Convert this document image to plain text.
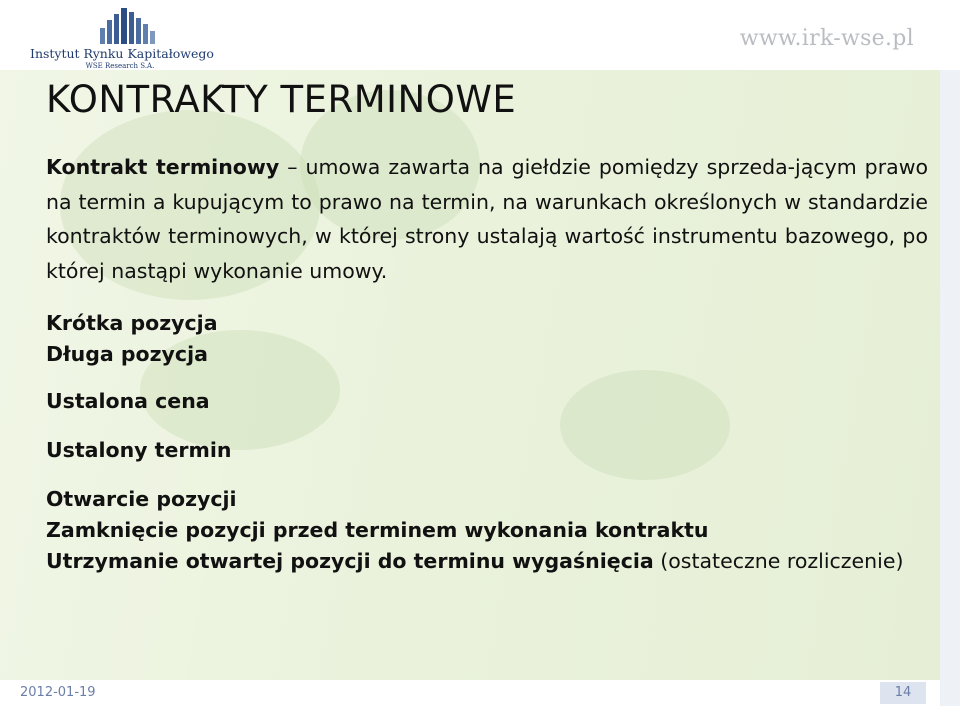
Instytut Rynku Kapitałowego
WSE Research S.A.
www.irk-wse.pl
KONTRAKTY TERMINOWE

Kontrakt terminowy – umowa zawarta na giełdzie pomiędzy sprzeda-jącym prawo na termin a kupującym to prawo na termin, na warunkach określonych w standardzie kontraktów terminowych, w której strony ustalają wartość instrumentu bazowego, po której nastąpi wykonanie umowy.

Krótka pozycja

Długa pozycja

Ustalona cena

Ustalony termin

Otwarcie pozycji

Zamknięcie pozycji przed terminem wykonania kontraktu

Utrzymanie otwartej pozycji do terminu wygaśnięcia (ostateczne rozliczenie)

2012-01-19	14
